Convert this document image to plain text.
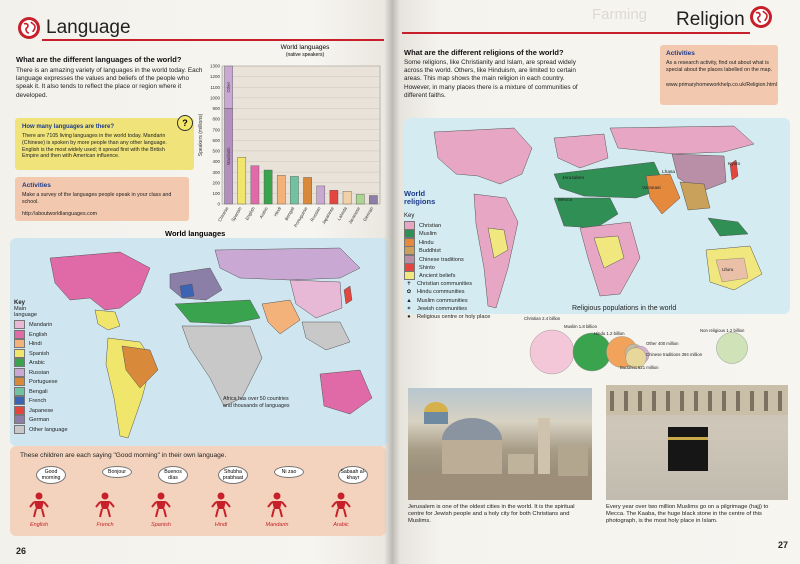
Language
What are the different languages of the world?
There is an amazing variety of languages in the world today. Each language expresses the values and beliefs of the people who speak it. It also tends to reflect the place or region where it developed.
How many languages are there?
There are 7105 living languages in the world today. Mandarin (Chinese) is spoken by more people than any other language. English is the most widely used; it spread first with the British Empire and then with American influence.
?
Activities
Make a survey of the languages people speak in your class and school.
http://aboutworldlanguages.com
World languages
(native speakers)
0
100
200
300
400
500
600
700
800
900
1000
1100
1200
1300
Speakers (millions)
Other
Mandarin
Chinese Spanish English Arabic Hindi Bengali
Portuguese Russian Japanese Lahnda Javanese German
World languages
Africa has over 50 countries and thousands of languages
Key
Main language
Mandarin
English
Hindi
Spanish
Arabic
Russian
Portuguese
Bengali
French
Japanese
German
Other language
These children are each saying "Good morning" in their own language.
Good morning
English
Bonjour
French
Buenos días
Spanish
Shubha prabhaat
Hindi
Ni zao
Mandarin
Sabaah al-khayr
Arabic
26
Farming Religion
What are the different religions of the world?
Some religions, like Christianity and Islam, are spread widely across the world. Others, like Hinduism, are limited to certain areas. This map shows the main religion in each country. However, in many places there is a mixture of communities of different faiths.
Activities
As a research activity, find out about what is special about the places labelled on the map.
www.primaryhomeworkhelp.co.uk/Religion.html
Jerusalem
Mecca
Varanasi
Lhasa
Kyoto
Uluru
World religions
Key
Christian
Muslim
Hindu
Buddhist
Chinese traditions
Shinto
Ancient beliefs
✝ Christian communities
✿ Hindu communities
▲ Muslim communities
✶ Jewish communities
● Religious centre or holy place
Religious populations in the world
Christian 2.4 billion
Muslim 1.8 billion
Hindu 1.2 billion
Other 400 million
Chinese traditions 394 million
Buddhist 521 million
Non religious 1.2 billion
Jerusalem is one of the oldest cities in the world. It is the spiritual centre for Jewish people and a holy city for both Christians and Muslims.
Every year over two million Muslims go on a pilgrimage (hajj) to Mecca. The Kaaba, the huge black stone in the centre of this photograph, is the most holy place in Islam.
27
